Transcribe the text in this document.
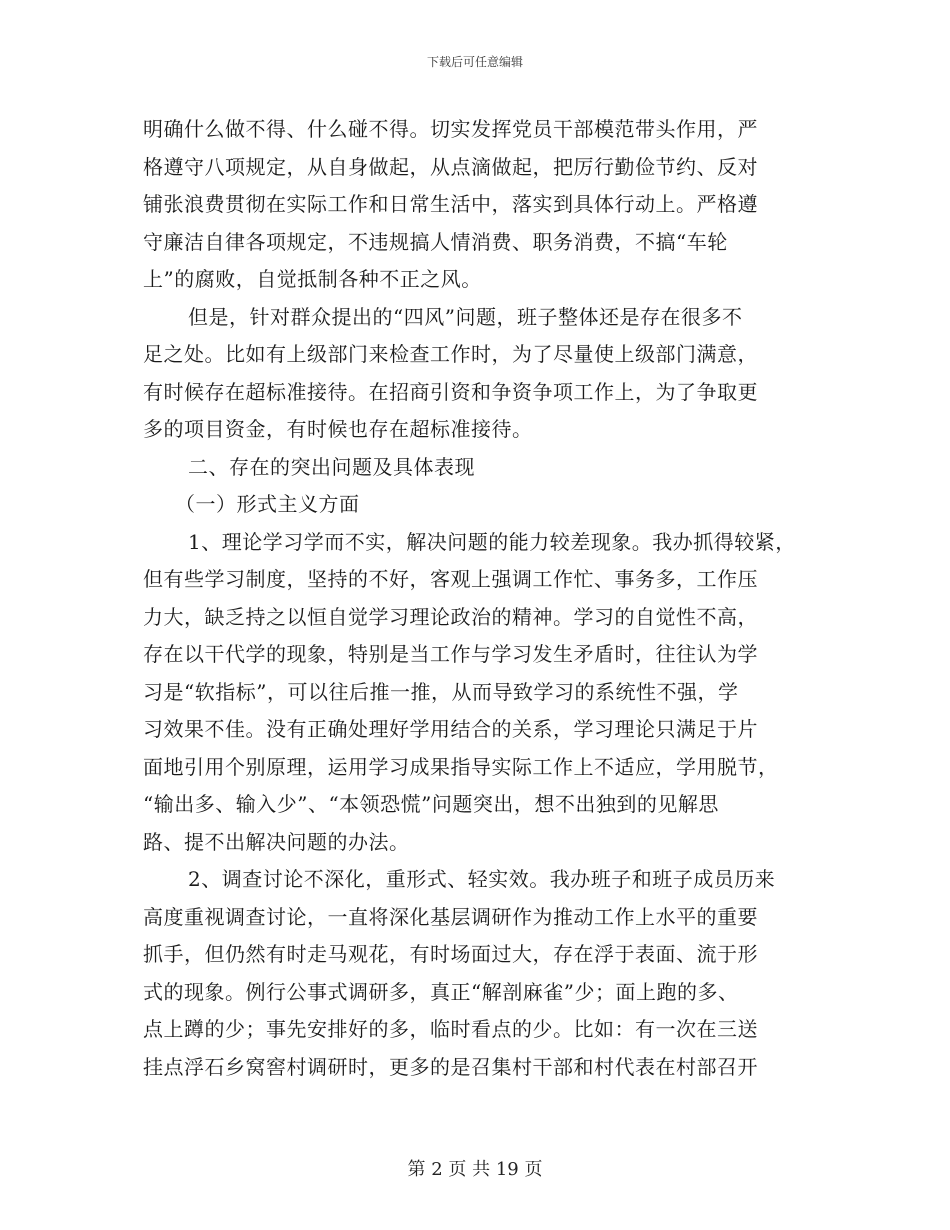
下载后可任意编辑
明确什么做不得、什么碰不得。切实发挥党员干部模范带头作用，严
格遵守八项规定，从自身做起，从点滴做起，把厉行勤俭节约、反对
铺张浪费贯彻在实际工作和日常生活中，落实到具体行动上。严格遵
守廉洁自律各项规定，不违规搞人情消费、职务消费，不搞“车轮
上”的腐败，自觉抵制各种不正之风。
但是，针对群众提出的“四风”问题，班子整体还是存在很多不
足之处。比如有上级部门来检查工作时，为了尽量使上级部门满意，
有时候存在超标准接待。在招商引资和争资争项工作上，为了争取更
多的项目资金，有时候也存在超标准接待。
二、存在的突出问题及具体表现
（一）形式主义方面
1、理论学习学而不实，解决问题的能力较差现象。我办抓得较紧，
但有些学习制度，坚持的不好，客观上强调工作忙、事务多，工作压
力大，缺乏持之以恒自觉学习理论政治的精神。学习的自觉性不高，
存在以干代学的现象，特别是当工作与学习发生矛盾时，往往认为学
习是“软指标”，可以往后推一推，从而导致学习的系统性不强，学
习效果不佳。没有正确处理好学用结合的关系，学习理论只满足于片
面地引用个别原理，运用学习成果指导实际工作上不适应，学用脱节，
“输出多、输入少”、“本领恐慌”问题突出，想不出独到的见解思
路、提不出解决问题的办法。
2、调查讨论不深化，重形式、轻实效。我办班子和班子成员历来
高度重视调查讨论，一直将深化基层调研作为推动工作上水平的重要
抓手，但仍然有时走马观花，有时场面过大，存在浮于表面、流于形
式的现象。例行公事式调研多，真正“解剖麻雀”少；面上跑的多、
点上蹲的少；事先安排好的多，临时看点的少。比如：有一次在三送
挂点浮石乡窝窖村调研时，更多的是召集村干部和村代表在村部召开
第 2 页 共 19 页
